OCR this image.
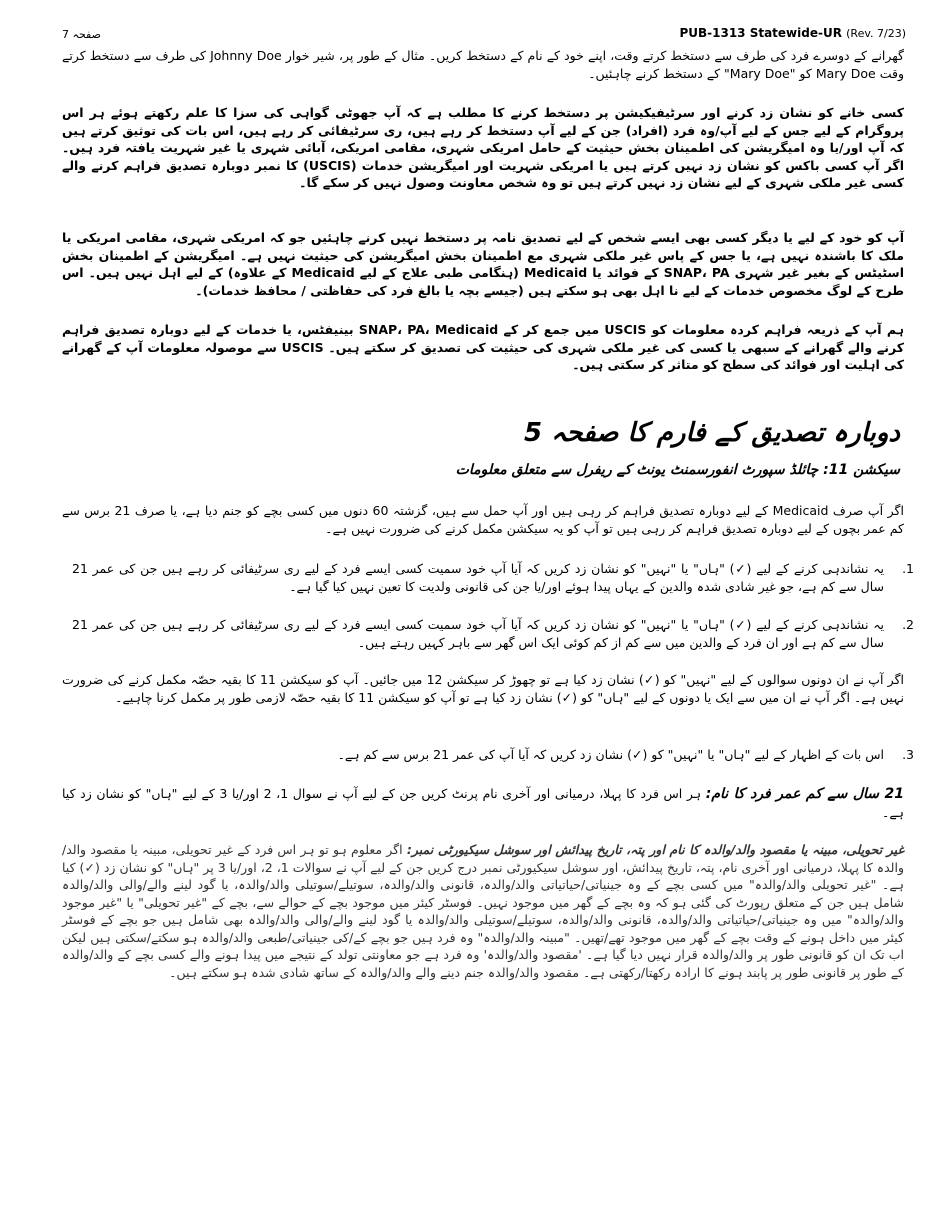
صفحہ 7	PUB-1313 Statewide-UR (Rev. 7/23)
گھرانے کے دوسرے فرد کی طرف سے دستخط کرتے وقت، اپنے خود کے نام کے دستخط کریں۔ مثال کے طور پر، شیر خوار Johnny Doe کی طرف سے دستخط کرتے وقت Mary Doe کو "Mary Doe" کے دستخط کرنے چاہئیں۔
کسی خانے کو نشان زد کرنے اور سرٹیفیکیشن پر دستخط کرنے کا مطلب ہے کہ آپ جھوٹی گواہی کی سزا کا علم رکھتے ہوئے ہر اس پروگرام کے لیے جس کے لیے آپ/وہ فرد (افراد) جن کے لیے آپ دستخط کر رہے ہیں، ری سرٹیفائی کر رہے ہیں، اس بات کی توثیق کرتے ہیں کہ آپ اور/یا وہ امیگریشن کی اطمینان بخش حیثیت کے حامل امریکی شہری، مقامی امریکی، آبائی شہری یا غیر شہریت یافتہ فرد ہیں۔ اگر آپ کسی باکس کو نشان زد نہیں کرتے ہیں یا امریکی شہریت اور امیگریشن خدمات (USCIS) کا نمبر دوبارہ تصدیق فراہم کرنے والے کسی غیر ملکی شہری کے لیے نشان زد نہیں کرتے ہیں تو وہ شخص معاونت وصول نہیں کر سکے گا۔
آپ کو خود کے لیے یا دیگر کسی بھی ایسے شخص کے لیے تصدیق نامہ پر دستخط نہیں کرنے چاہئیں جو کہ امریکی شہری، مقامی امریکی یا ملک کا باشندہ نہیں ہے، یا جس کے پاس غیر ملکی شہری مع اطمینان بخش امیگریشن کی حیثیت نہیں ہے۔ امیگریشن کے اطمینان بخش اسٹیٹس کے بغیر غیر شہری SNAP، PA کے فوائد یا Medicaid (ہنگامی طبی علاج کے لیے Medicaid کے علاوہ) کے لیے اہل نہیں ہیں۔ اس طرح کے لوگ مخصوص خدمات کے لیے نا اہل بھی ہو سکتے ہیں (جیسے بچہ یا بالغ فرد کی حفاظتی / محافظ خدمات)۔
ہم آپ کے ذریعہ فراہم کردہ معلومات کو USCIS میں جمع کر کے SNAP، PA، Medicaid بینیفٹس، یا خدمات کے لیے دوبارہ تصدیق فراہم کرنے والے گھرانے کے سبھی یا کسی کی غیر ملکی شہری کی حیثیت کی تصدیق کر سکتے ہیں۔ USCIS سے موصولہ معلومات آپ کے گھرانے کی اہلیت اور فوائد کی سطح کو متاثر کر سکتی ہیں۔
دوبارہ تصدیق کے فارم کا صفحہ 5
سیکشن 11: چائلڈ سپورٹ انفورسمنٹ یونٹ کے ریفرل سے متعلق معلومات
اگر آپ صرف Medicaid کے لیے دوبارہ تصدیق فراہم کر رہی ہیں اور آپ حمل سے ہیں، گزشتہ 60 دنوں میں کسی بچے کو جنم دیا ہے، یا صرف 21 برس سے کم عمر بچوں کے لیے دوبارہ تصدیق فراہم کر رہی ہیں تو آپ کو یہ سیکشن مکمل کرنے کی ضرورت نہیں ہے۔
1.
یہ نشاندہی کرنے کے لیے (✓) "ہاں" یا "نہیں" کو نشان زد کریں کہ آیا آپ خود سمیت کسی ایسے فرد کے لیے ری سرٹیفائی کر رہے ہیں جن کی عمر 21 سال سے کم ہے، جو غیر شادی شدہ والدین کے یہاں پیدا ہوئے اور/یا جن کی قانونی ولدیت کا تعین نہیں کیا گیا ہے۔
2.
یہ نشاندہی کرنے کے لیے (✓) "ہاں" یا "نہیں" کو نشان زد کریں کہ آیا آپ خود سمیت کسی ایسے فرد کے لیے ری سرٹیفائی کر رہے ہیں جن کی عمر 21 سال سے کم ہے اور ان فرد کے والدین میں سے کم از کم کوئی ایک اس گھر سے باہر کہیں رہتے ہیں۔
اگر آپ نے ان دونوں سوالوں کے لیے "نہیں" کو (✓) نشان زد کیا ہے تو چھوڑ کر سیکشن 12 میں جائیں۔ آپ کو سیکشن 11 کا بقیہ حصّہ مکمل کرنے کی ضرورت نہیں ہے۔ اگر آپ نے ان میں سے ایک یا دونوں کے لیے "ہاں" کو (✓) نشان زد کیا ہے تو آپ کو سیکشن 11 کا بقیہ حصّہ لازمی طور پر مکمل کرنا چاہیے۔
3.
اس بات کے اظہار کے لیے "ہاں" یا "نہیں" کو (✓) نشان زد کریں کہ آیا آپ کی عمر 21 برس سے کم ہے۔
21 سال سے کم عمر فرد کا نام: ہر اس فرد کا پہلا، درمیانی اور آخری نام پرنٹ کریں جن کے لیے آپ نے سوال 1، 2 اور/یا 3 کے لیے "ہاں" کو نشان زد کیا ہے۔
غیر تحویلی، مبینہ یا مقصود والد/والدہ کا نام اور پتہ، تاریخ پیدائش اور سوشل سیکیورٹی نمبر: اگر معلوم ہو تو ہر اس فرد کے غیر تحویلی، مبینہ یا مقصود والد/والدہ کا پہلا، درمیانی اور آخری نام، پتہ، تاریخ پیدائش، اور سوشل سیکیورٹی نمبر درج کریں جن کے لیے آپ نے سوالات 1، 2، اور/یا 3 پر "ہاں" کو نشان زد (✓) کیا ہے۔ "غیر تحویلی والد/والدہ" میں کسی بچے کے وہ جینیاتی/حیاتیاتی والد/والدہ، قانونی والد/والدہ، سوتیلے/سوتیلی والد/والدہ، یا گود لینے والے/والی والد/والدہ شامل ہیں جن کے متعلق رپورٹ کی گئی ہو کہ وہ بچے کے گھر میں موجود نہیں۔ فوسٹر کیئر میں موجود بچے کے حوالے سے، بچے کے "غیر تحویلی" یا "غیر موجود والد/والدہ" میں وہ جینیاتی/حیاتیاتی والد/والدہ، قانونی والد/والدہ، سوتیلے/سوتیلی والد/والدہ یا گود لینے والے/والی والد/والدہ بھی شامل ہیں جو بچے کے فوسٹر کیئر میں داخل ہونے کے وقت بچے کے گھر میں موجود تھے/تھیں۔ "مبینہ والد/والدہ" وہ فرد ہیں جو بچے کے/کی جینیاتی/طبعی والد/والدہ ہو سکتے/سکتی ہیں لیکن اب تک ان کو قانونی طور پر والد/والدہ قرار نہیں دیا گیا ہے۔ 'مقصود والد/والدہ' وہ فرد ہے جو معاونتی تولد کے نتیجے میں پیدا ہونے والے کسی بچے کے والد/والدہ کے طور پر قانونی طور پر پابند ہونے کا ارادہ رکھتا/رکھتی ہے۔ مقصود والد/والدہ جنم دینے والے والد/والدہ کے ساتھ شادی شدہ ہو سکتے ہیں۔
